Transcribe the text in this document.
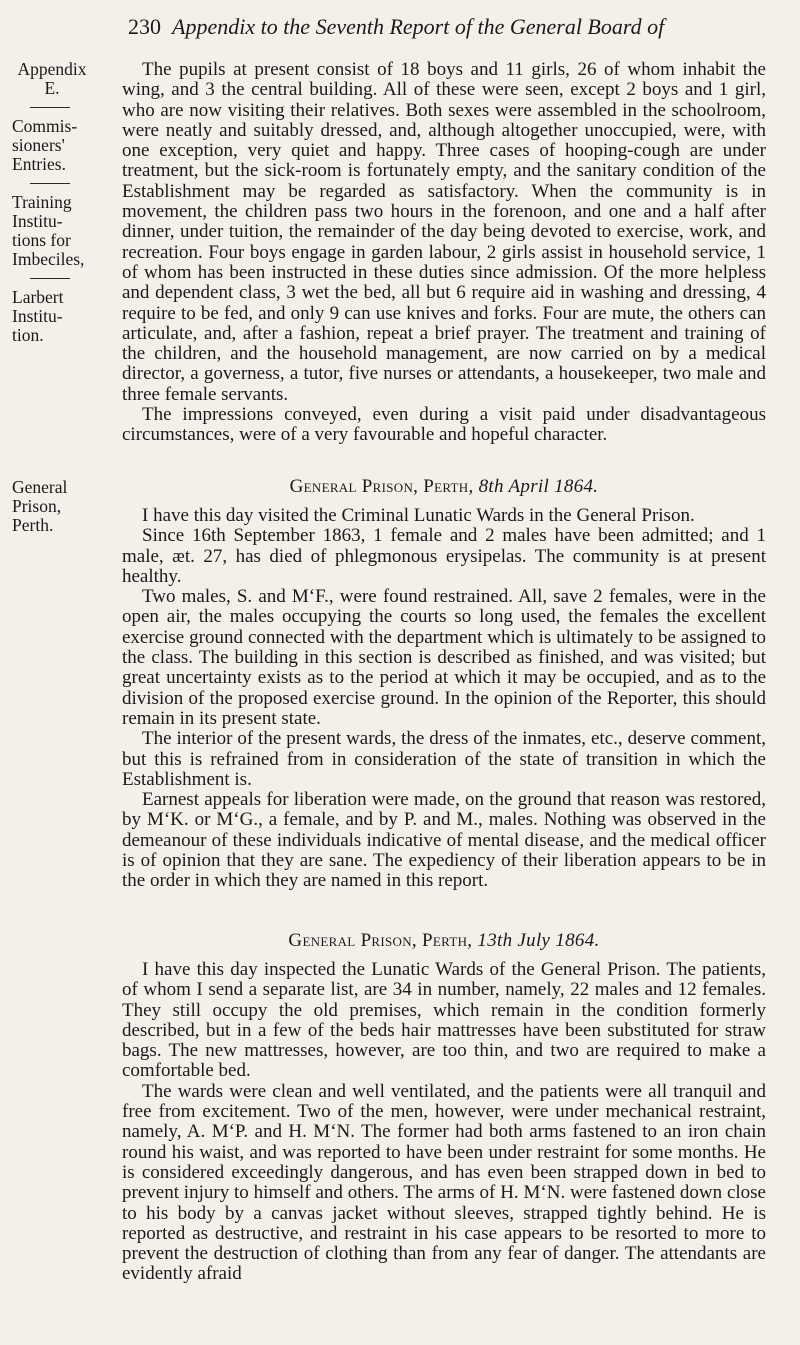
230 Appendix to the Seventh Report of the General Board of
Appendix
E.
Commis-
sioners'
Entries.
Training
Institu-
tions for
Imbeciles,
Larbert
Institu-
tion.
General
Prison,
Perth.

The pupils at present consist of 18 boys and 11 girls, 26 of whom inhabit the wing, and 3 the central building. All of these were seen, except 2 boys and 1 girl, who are now visiting their relatives. Both sexes were assembled in the schoolroom, were neatly and suitably dressed, and, although altogether unoccupied, were, with one exception, very quiet and happy. Three cases of hooping-cough are under treatment, but the sick-room is fortunately empty, and the sanitary condition of the Establishment may be regarded as satisfactory. When the community is in movement, the children pass two hours in the forenoon, and one and a half after dinner, under tuition, the remainder of the day being devoted to exercise, work, and recreation. Four boys engage in garden labour, 2 girls assist in household service, 1 of whom has been instructed in these duties since admission. Of the more helpless and dependent class, 3 wet the bed, all but 6 require aid in washing and dressing, 4 require to be fed, and only 9 can use knives and forks. Four are mute, the others can articulate, and, after a fashion, repeat a brief prayer. The treatment and training of the children, and the household management, are now carried on by a medical director, a governess, a tutor, five nurses or attendants, a housekeeper, two male and three female servants.

The impressions conveyed, even during a visit paid under disadvantageous circumstances, were of a very favourable and hopeful character.

General Prison, Perth, 8th April 1864.

I have this day visited the Criminal Lunatic Wards in the General Prison.

Since 16th September 1863, 1 female and 2 males have been admitted; and 1 male, æt. 27, has died of phlegmonous erysipelas. The community is at present healthy.

Two males, S. and M‘F., were found restrained. All, save 2 females, were in the open air, the males occupying the courts so long used, the females the excellent exercise ground connected with the department which is ultimately to be assigned to the class. The building in this section is described as finished, and was visited; but great uncertainty exists as to the period at which it may be occupied, and as to the division of the proposed exercise ground. In the opinion of the Reporter, this should remain in its present state.

The interior of the present wards, the dress of the inmates, etc., deserve comment, but this is refrained from in consideration of the state of transition in which the Establishment is.

Earnest appeals for liberation were made, on the ground that reason was restored, by M‘K. or M‘G., a female, and by P. and M., males. Nothing was observed in the demeanour of these individuals indicative of mental disease, and the medical officer is of opinion that they are sane. The expediency of their liberation appears to be in the order in which they are named in this report.

General Prison, Perth, 13th July 1864.

I have this day inspected the Lunatic Wards of the General Prison. The patients, of whom I send a separate list, are 34 in number, namely, 22 males and 12 females. They still occupy the old premises, which remain in the condition formerly described, but in a few of the beds hair mattresses have been substituted for straw bags. The new mattresses, however, are too thin, and two are required to make a comfortable bed.

The wards were clean and well ventilated, and the patients were all tranquil and free from excitement. Two of the men, however, were under mechanical restraint, namely, A. M‘P. and H. M‘N. The former had both arms fastened to an iron chain round his waist, and was reported to have been under restraint for some months. He is considered exceedingly dangerous, and has even been strapped down in bed to prevent injury to himself and others. The arms of H. M‘N. were fastened down close to his body by a canvas jacket without sleeves, strapped tightly behind. He is reported as destructive, and restraint in his case appears to be resorted to more to prevent the destruction of clothing than from any fear of danger. The attendants are evidently afraid
